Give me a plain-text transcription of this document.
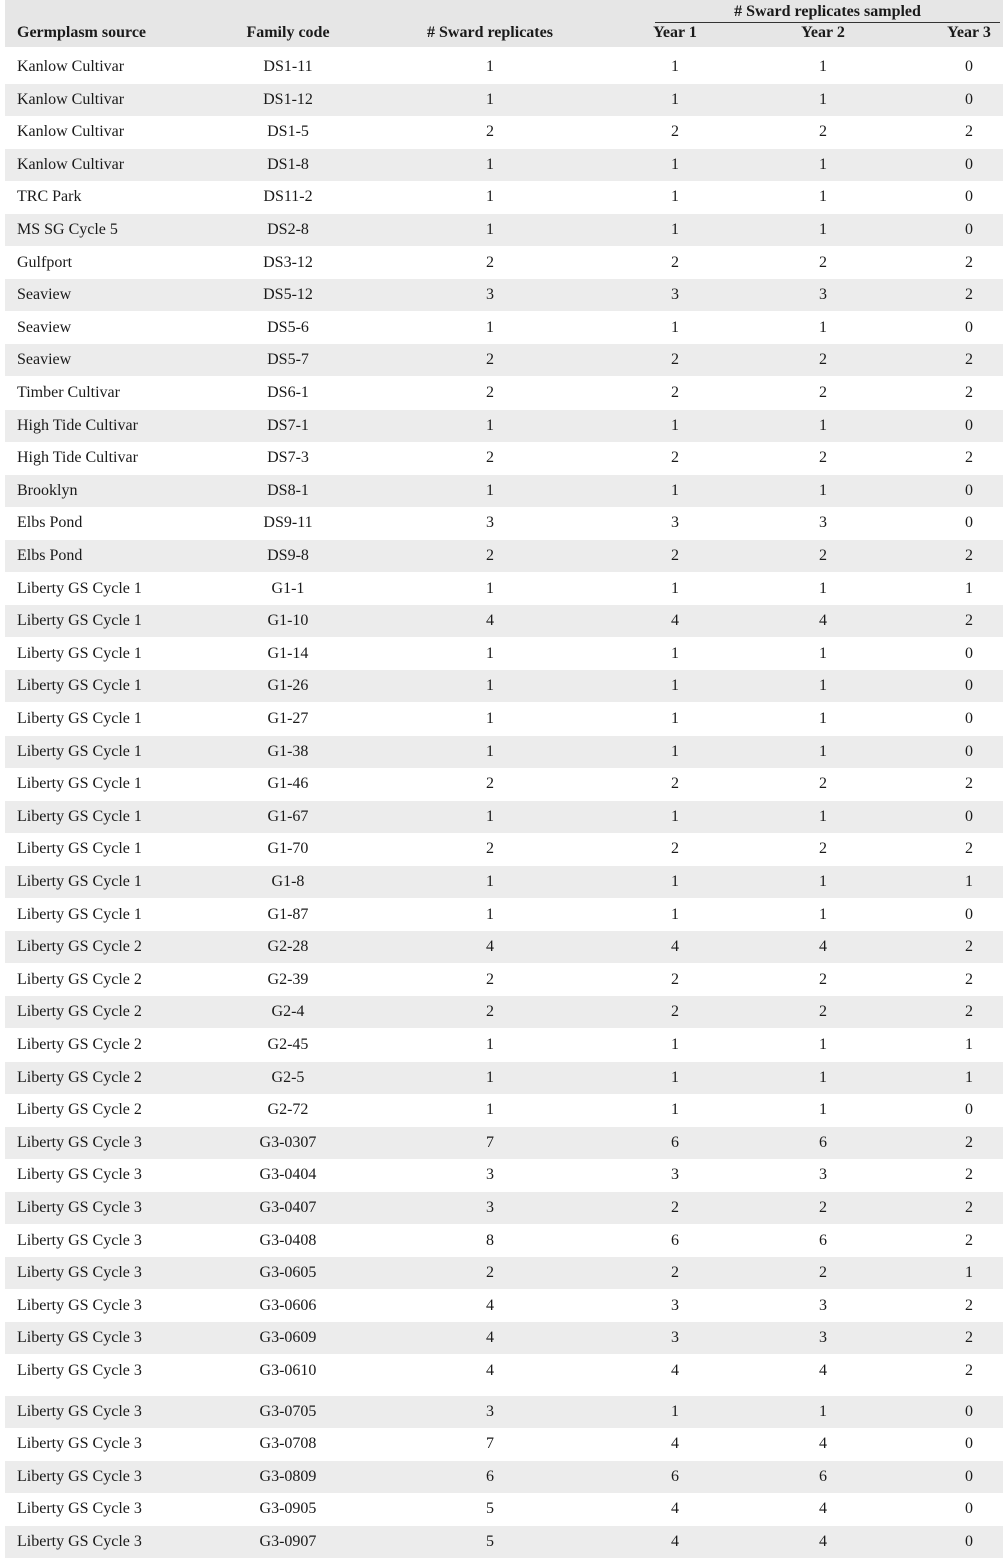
# Sward replicates sampled
Germplasm source	Family code	# Sward replicates	Year 1	Year 2	Year 3
Kanlow Cultivar	DS1-11	1	1	1	0
Kanlow Cultivar	DS1-12	1	1	1	0
Kanlow Cultivar	DS1-5	2	2	2	2
Kanlow Cultivar	DS1-8	1	1	1	0
TRC Park	DS11-2	1	1	1	0
MS SG Cycle 5	DS2-8	1	1	1	0
Gulfport	DS3-12	2	2	2	2
Seaview	DS5-12	3	3	3	2
Seaview	DS5-6	1	1	1	0
Seaview	DS5-7	2	2	2	2
Timber Cultivar	DS6-1	2	2	2	2
High Tide Cultivar	DS7-1	1	1	1	0
High Tide Cultivar	DS7-3	2	2	2	2
Brooklyn	DS8-1	1	1	1	0
Elbs Pond	DS9-11	3	3	3	0
Elbs Pond	DS9-8	2	2	2	2
Liberty GS Cycle 1	G1-1	1	1	1	1
Liberty GS Cycle 1	G1-10	4	4	4	2
Liberty GS Cycle 1	G1-14	1	1	1	0
Liberty GS Cycle 1	G1-26	1	1	1	0
Liberty GS Cycle 1	G1-27	1	1	1	0
Liberty GS Cycle 1	G1-38	1	1	1	0
Liberty GS Cycle 1	G1-46	2	2	2	2
Liberty GS Cycle 1	G1-67	1	1	1	0
Liberty GS Cycle 1	G1-70	2	2	2	2
Liberty GS Cycle 1	G1-8	1	1	1	1
Liberty GS Cycle 1	G1-87	1	1	1	0
Liberty GS Cycle 2	G2-28	4	4	4	2
Liberty GS Cycle 2	G2-39	2	2	2	2
Liberty GS Cycle 2	G2-4	2	2	2	2
Liberty GS Cycle 2	G2-45	1	1	1	1
Liberty GS Cycle 2	G2-5	1	1	1	1
Liberty GS Cycle 2	G2-72	1	1	1	0
Liberty GS Cycle 3	G3-0307	7	6	6	2
Liberty GS Cycle 3	G3-0404	3	3	3	2
Liberty GS Cycle 3	G3-0407	3	2	2	2
Liberty GS Cycle 3	G3-0408	8	6	6	2
Liberty GS Cycle 3	G3-0605	2	2	2	1
Liberty GS Cycle 3	G3-0606	4	3	3	2
Liberty GS Cycle 3	G3-0609	4	3	3	2
Liberty GS Cycle 3	G3-0610	4	4	4	2
Liberty GS Cycle 3	G3-0705	3	1	1	0
Liberty GS Cycle 3	G3-0708	7	4	4	0
Liberty GS Cycle 3	G3-0809	6	6	6	0
Liberty GS Cycle 3	G3-0905	5	4	4	0
Liberty GS Cycle 3	G3-0907	5	4	4	0
